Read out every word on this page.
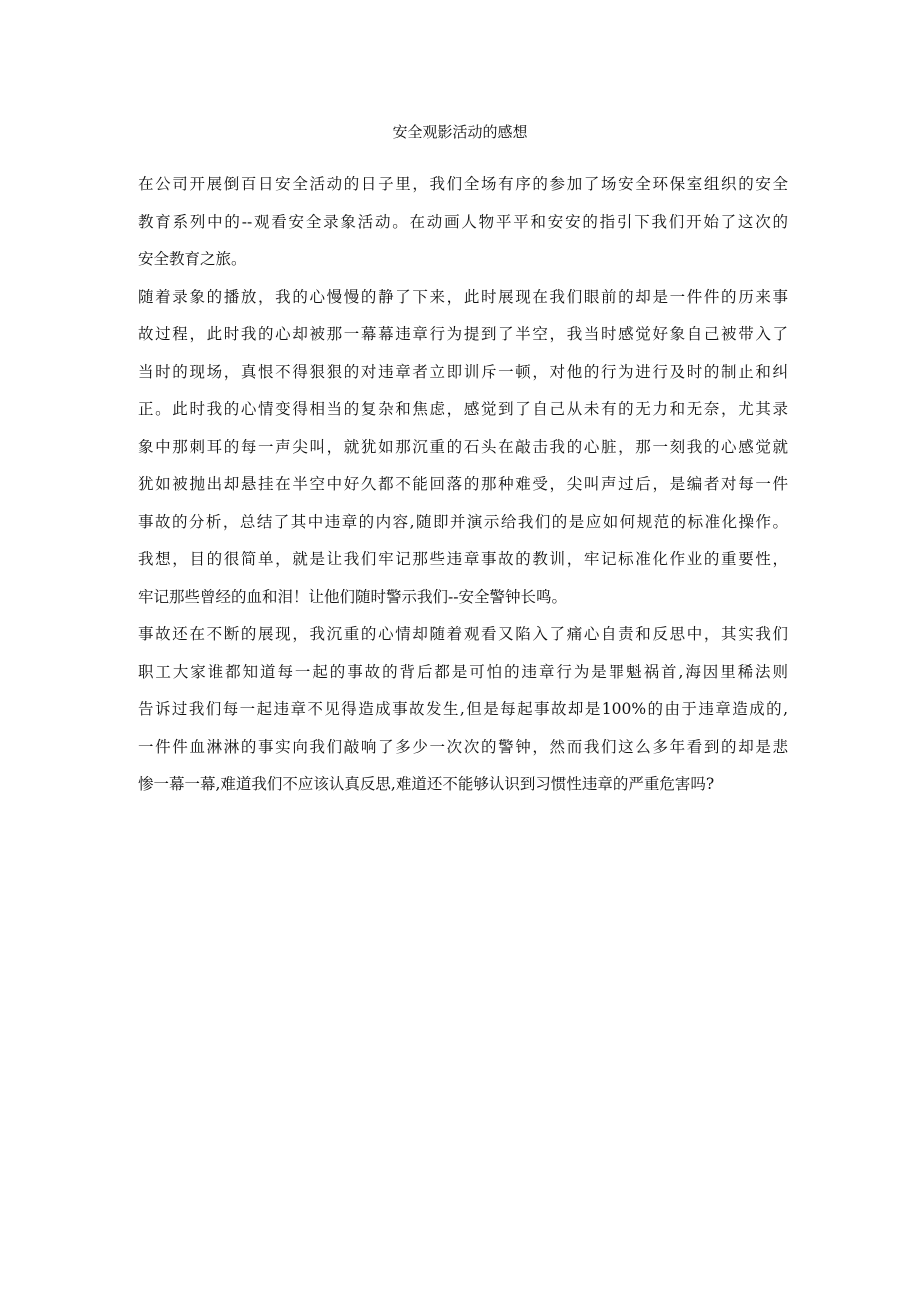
安全观影活动的感想

在公司开展倒百日安全活动的日子里，我们全场有序的参加了场安全环保室组织的安全
教育系列中的--观看安全录象活动。在动画人物平平和安安的指引下我们开始了这次的
安全教育之旅。

随着录象的播放，我的心慢慢的静了下来，此时展现在我们眼前的却是一件件的历来事
故过程，此时我的心却被那一幕幕违章行为提到了半空，我当时感觉好象自己被带入了
当时的现场，真恨不得狠狠的对违章者立即训斥一顿，对他的行为进行及时的制止和纠
正。此时我的心情变得相当的复杂和焦虑，感觉到了自己从未有的无力和无奈，尤其录
象中那刺耳的每一声尖叫，就犹如那沉重的石头在敲击我的心脏，那一刻我的心感觉就
犹如被抛出却悬挂在半空中好久都不能回落的那种难受，尖叫声过后，是编者对每一件
事故的分析，总结了其中违章的内容,随即并演示给我们的是应如何规范的标准化操作。
我想，目的很简单，就是让我们牢记那些违章事故的教训，牢记标准化作业的重要性，
牢记那些曾经的血和泪！让他们随时警示我们--安全警钟长鸣。

事故还在不断的展现，我沉重的心情却随着观看又陷入了痛心自责和反思中，其实我们
职工大家谁都知道每一起的事故的背后都是可怕的违章行为是罪魁祸首,海因里稀法则
告诉过我们每一起违章不见得造成事故发生,但是每起事故却是100%的由于违章造成的,
一件件血淋淋的事实向我们敲响了多少一次次的警钟，然而我们这么多年看到的却是悲
惨一幕一幕,难道我们不应该认真反思,难道还不能够认识到习惯性违章的严重危害吗?
